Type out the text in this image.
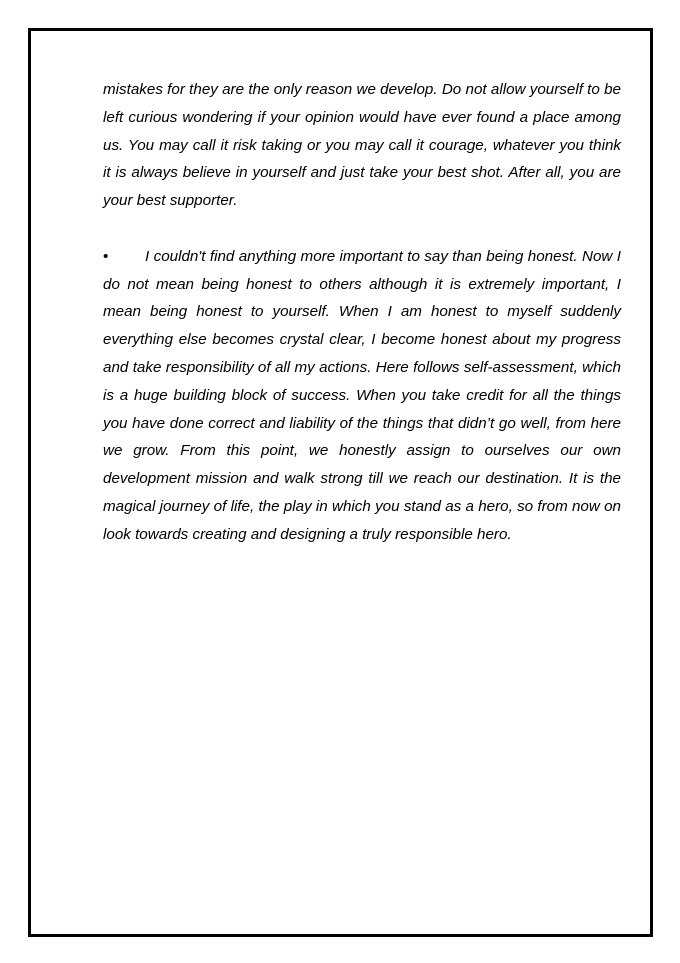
mistakes for they are the only reason we develop. Do not allow yourself to be left curious wondering if your opinion would have ever found a place among us. You may call it risk taking or you may call it courage, whatever you think it is always believe in yourself and just take your best shot. After all, you are your best supporter.

• I couldn't find anything more important to say than being honest. Now I do not mean being honest to others although it is extremely important, I mean being honest to yourself. When I am honest to myself suddenly everything else becomes crystal clear, I become honest about my progress and take responsibility of all my actions. Here follows self-assessment, which is a huge building block of success. When you take credit for all the things you have done correct and liability of the things that didn’t go well, from here we grow. From this point, we honestly assign to ourselves our own development mission and walk strong till we reach our destination. It is the magical journey of life, the play in which you stand as a hero, so from now on look towards creating and designing a truly responsible hero.
